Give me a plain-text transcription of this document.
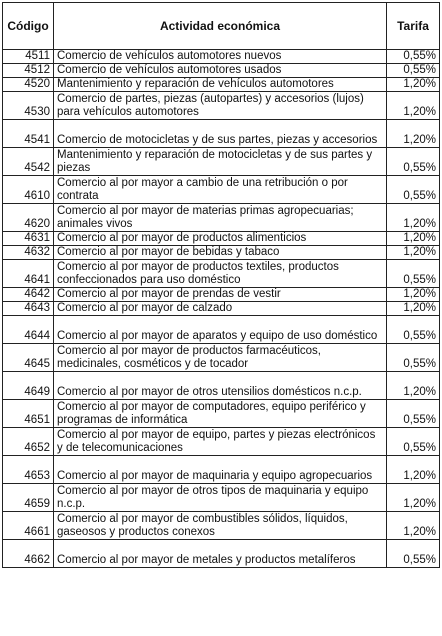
Código	Actividad económica	Tarifa
4511	Comercio de vehículos automotores nuevos	0,55%
4512	Comercio de vehículos automotores usados	0,55%
4520	Mantenimiento y reparación de vehículos automotores	1,20%
4530	Comercio de partes, piezas (autopartes) y accesorios (lujos) para vehículos automotores	1,20%
4541	Comercio de motocicletas y de sus partes, piezas y accesorios	1,20%
4542	Mantenimiento y reparación de motocicletas y de sus partes y piezas	0,55%
4610	Comercio al por mayor a cambio de una retribución o por contrata	0,55%
4620	Comercio al por mayor de materias primas agropecuarias; animales vivos	1,20%
4631	Comercio al por mayor de productos alimenticios	1,20%
4632	Comercio al por mayor de bebidas y tabaco	1,20%
4641	Comercio al por mayor de productos textiles, productos confeccionados para uso doméstico	0,55%
4642	Comercio al por mayor de prendas de vestir	1,20%
4643	Comercio al por mayor de calzado	1,20%
4644	Comercio al por mayor de aparatos y equipo de uso doméstico	0,55%
4645	Comercio al por mayor de productos farmacéuticos, medicinales, cosméticos y de tocador	0,55%
4649	Comercio al por mayor de otros utensilios domésticos n.c.p.	1,20%
4651	Comercio al por mayor de computadores, equipo periférico y programas de informática	0,55%
4652	Comercio al por mayor de equipo, partes y piezas electrónicos y de telecomunicaciones	0,55%
4653	Comercio al por mayor de maquinaria y equipo agropecuarios	1,20%
4659	Comercio al por mayor de otros tipos de maquinaria y equipo n.c.p.	1,20%
4661	Comercio al por mayor de combustibles sólidos, líquidos, gaseosos y productos conexos	1,20%
4662	Comercio al por mayor de metales y productos metalíferos	0,55%
